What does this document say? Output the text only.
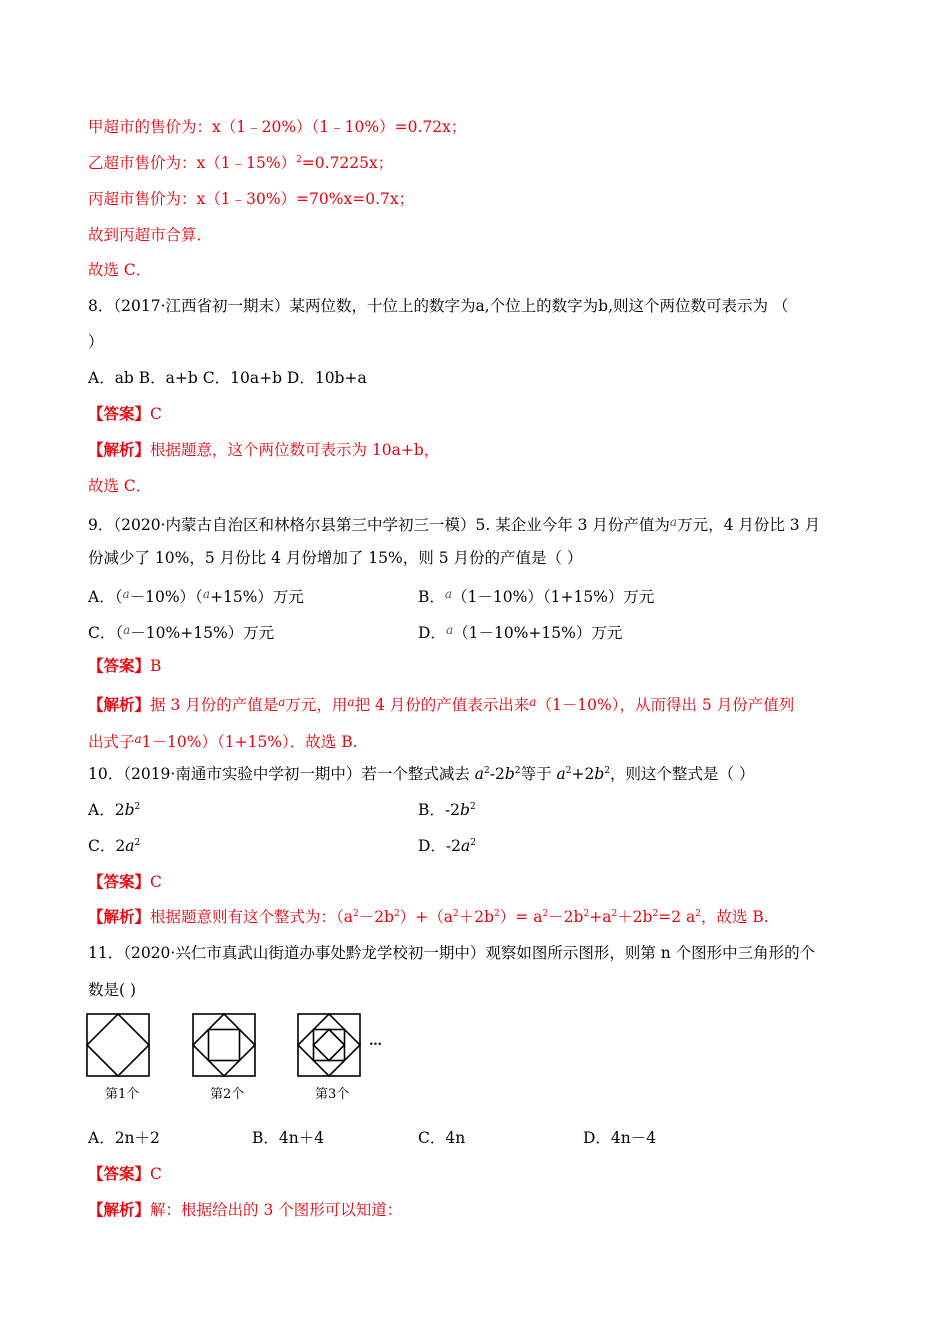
甲超市的售价为：x（1﹣20%）（1﹣10%）=0.72x；
乙超市售价为：x（1﹣15%）$^2$=0.7225x；
丙超市售价为：x（1﹣30%）=70%x=0.7x；
故到丙超市合算．
故选 C．
8．（2017·江西省初一期末）某两位数，十位上的数字为a,个位上的数字为b,则这个两位数可表示为 （
）
A．ab B．a+b C．10a+b D．10b+a
【答案】C
【解析】根据题意，这个两位数可表示为 10a+b，
故选 C．
9．（2020·内蒙古自治区和林格尔县第三中学初三一模）5. 某企业今年 3 月份产值为$^a$万元，4 月份比 3 月
份减少了 10%，5 月份比 4 月份增加了 15%，则 5 月份的产值是（ ）
A．（$^a$－10%）（$^a$+15%）万元	B．$^a$（1－10%）（1+15%）万元
C．（$^a$－10%+15%）万元	D．$^a$（1－10%+15%）万元
【答案】B
【解析】据 3 月份的产值是$^a$万元，用$^a$把 4 月份的产值表示出来$^a$（1－10%），从而得出 5 月份产值列
出式子$^a$1－10%）（1+15%）．故选 B.
10．（2019·南通市实验中学初一期中）若一个整式减去 $a^2-2b^2$等于 $a^2+2b^2$，则这个整式是（ ）
A．$2b^2$	B．$-2b^2$
C．$2a^2$	D．$-2a^2$
【答案】C
【解析】根据题意则有这个整式为：$(a^2-2b^2)+(a^2+2b^2)= a^2-2b^2+a^2+2b^2=2$ $a^2$，故选 B.
11．（2020·兴仁市真武山街道办事处黔龙学校初一期中）观察如图所示图形，则第 n 个图形中三角形的个
数是( )
第1个	第2个	第3个
…
A．2n＋2	B．4n＋4	C．4n	D．4n－4
【答案】C
【解析】解：根据给出的 3 个图形可以知道：
